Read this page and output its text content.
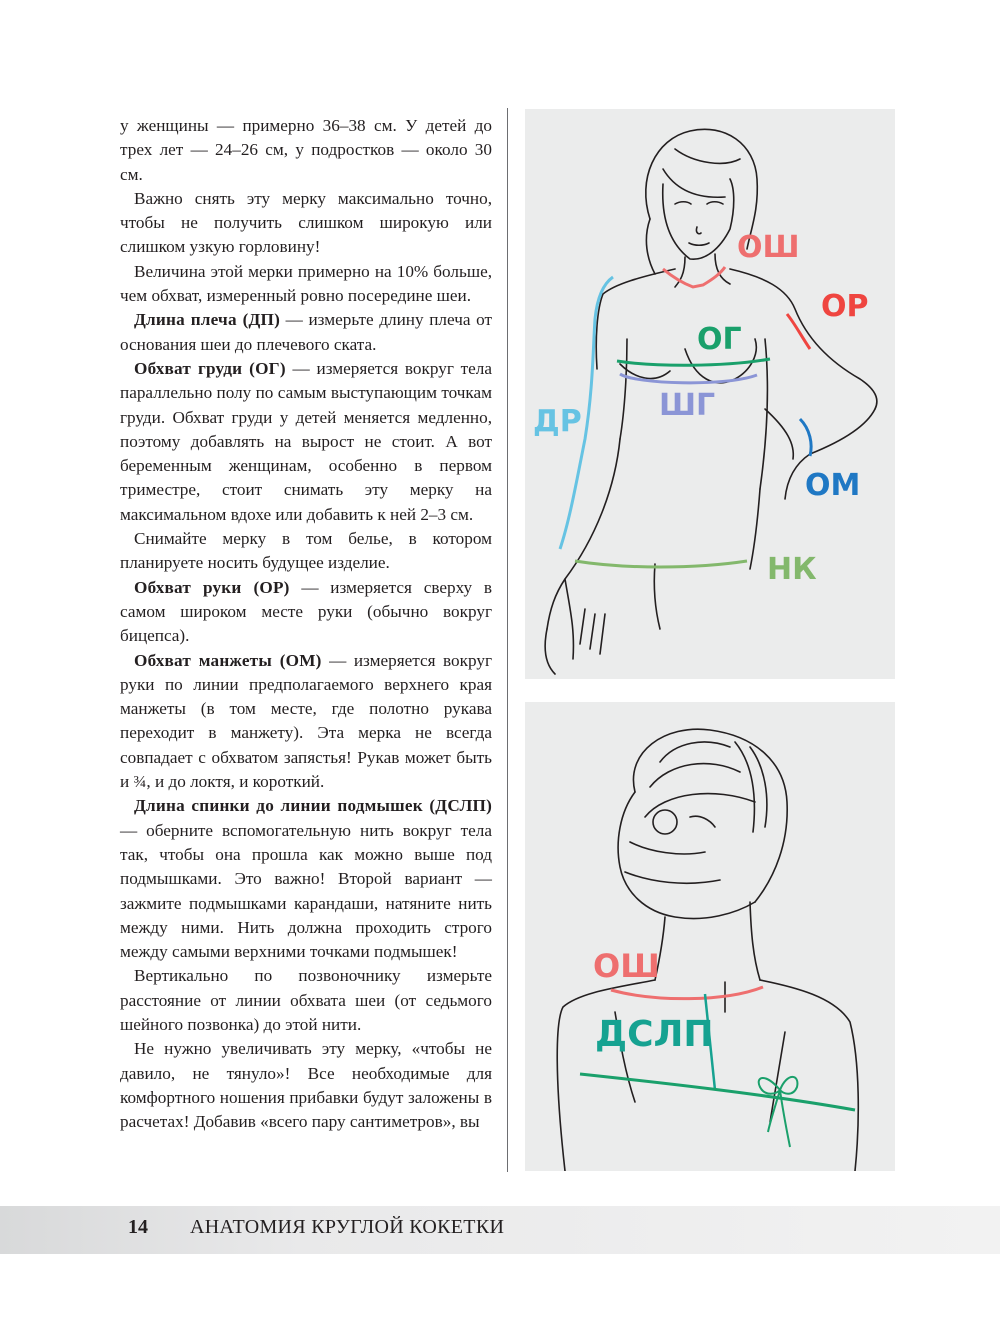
у женщины — примерно 36–38 см. У детей до трех лет — 24–26 см, у подростков — около 30 см.

Важно снять эту мерку максимально точно, чтобы не получить слишком широкую или слишком узкую горловину!

Величина этой мерки примерно на 10% больше, чем обхват, измеренный ровно посередине шеи.

Длина плеча (ДП) — измерьте длину плеча от основания шеи до плечевого ската.

Обхват груди (ОГ) — измеряется вокруг тела параллельно полу по самым выступающим точкам груди. Обхват груди у детей меняется медленно, поэтому добавлять на вырост не стоит. А вот беременным женщинам, особенно в первом триместре, стоит снимать эту мерку на максимальном вдохе или добавить к ней 2–3 см.

Снимайте мерку в том белье, в котором планируете носить будущее изделие.

Обхват руки (ОР) — измеряется сверху в самом широком месте руки (обычно вокруг бицепса).

Обхват манжеты (ОМ) — измеряется вокруг руки по линии предполагаемого верхнего края манжеты (в том месте, где полотно рукава переходит в манжету). Эта мерка не всегда совпадает с обхватом запястья! Рукав может быть и ¾, и до локтя, и короткий.

Длина спинки до линии подмышек (ДСЛП) — оберните вспомогательную нить вокруг тела так, чтобы она прошла как можно выше под подмышками. Это важно! Второй вариант — зажмите подмышками карандаши, натяните нить между ними. Нить должна проходить строго между самыми верхними точками подмышек!

Вертикально по позвоночнику измерьте расстояние от линии обхвата шеи (от седьмого шейного позвонка) до этой нити.

Не нужно увеличивать эту мерку, «чтобы не давило, не тянуло»! Все необходимые для комфортного ношения прибавки будут заложены в расчетах! Добавив «всего пару сантиметров», вы

ОШ
ОР
ОГ
ШГ
ДР
ОМ
НК
ОШ
ДСЛП
14 АНАТОМИЯ КРУГЛОЙ КОКЕТКИ
